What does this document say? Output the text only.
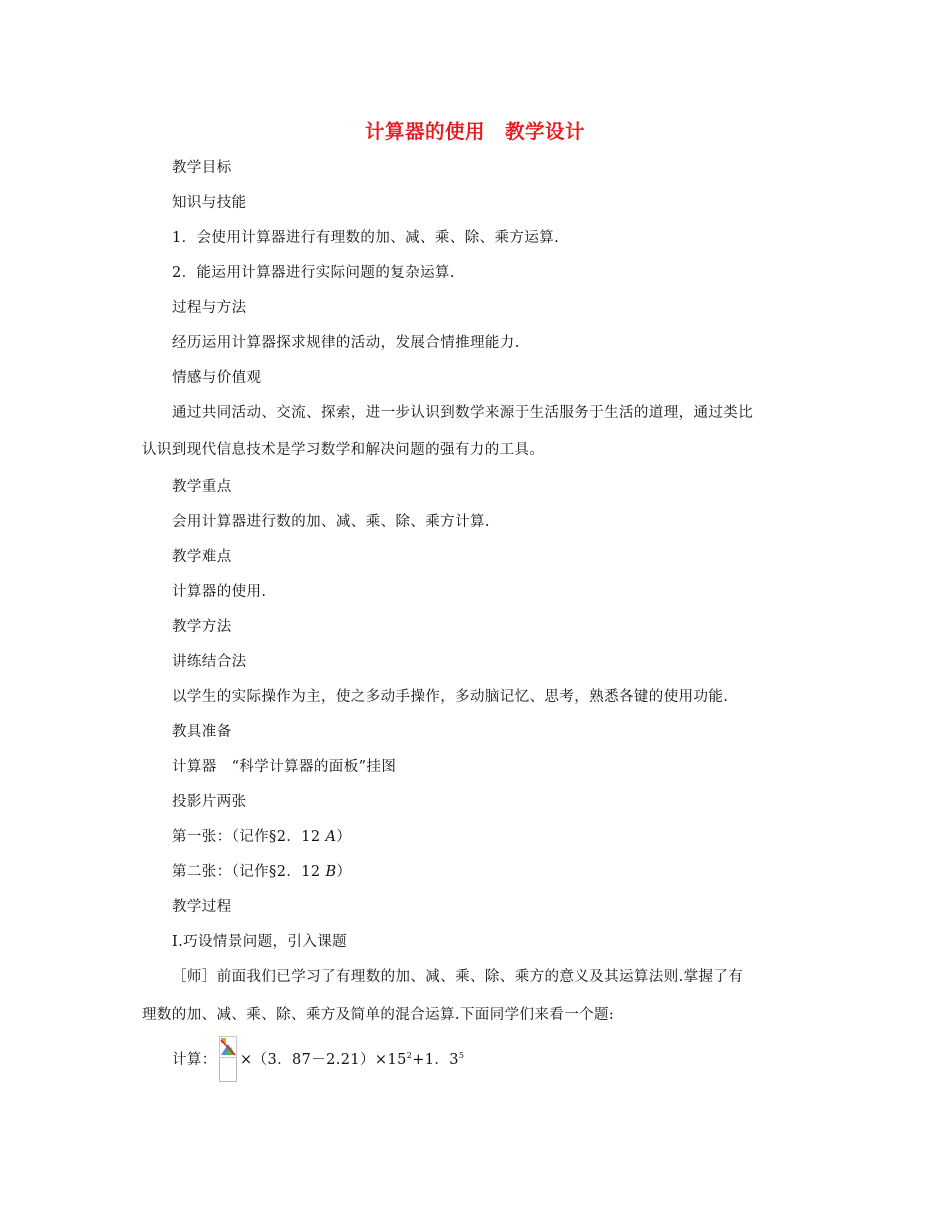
计算器的使用　教学设计
教学目标
知识与技能
1．会使用计算器进行有理数的加、减、乘、除、乘方运算.
2．能运用计算器进行实际问题的复杂运算.
过程与方法
经历运用计算器探求规律的活动，发展合情推理能力.
情感与价值观
通过共同活动、交流、探索，进一步认识到数学来源于生活服务于生活的道理，通过类比
认识到现代信息技术是学习数学和解决问题的强有力的工具。
教学重点
会用计算器进行数的加、减、乘、除、乘方计算.
教学难点
计算器的使用.
教学方法
讲练结合法
以学生的实际操作为主，使之多动手操作，多动脑记忆、思考，熟悉各键的使用功能.
教具准备
计算器　“科学计算器的面板”挂图
投影片两张
第一张：（记作§2．12 A）
第二张：（记作§2．12 B）
教学过程
Ⅰ.巧设情景问题，引入课题
［师］前面我们已学习了有理数的加、减、乘、除、乘方的意义及其运算法则.掌握了有
理数的加、减、乘、除、乘方及简单的混合运算.下面同学们来看一个题:
计算： ×（3．$87-2.21)\times 15^2+1$．$3^5$
